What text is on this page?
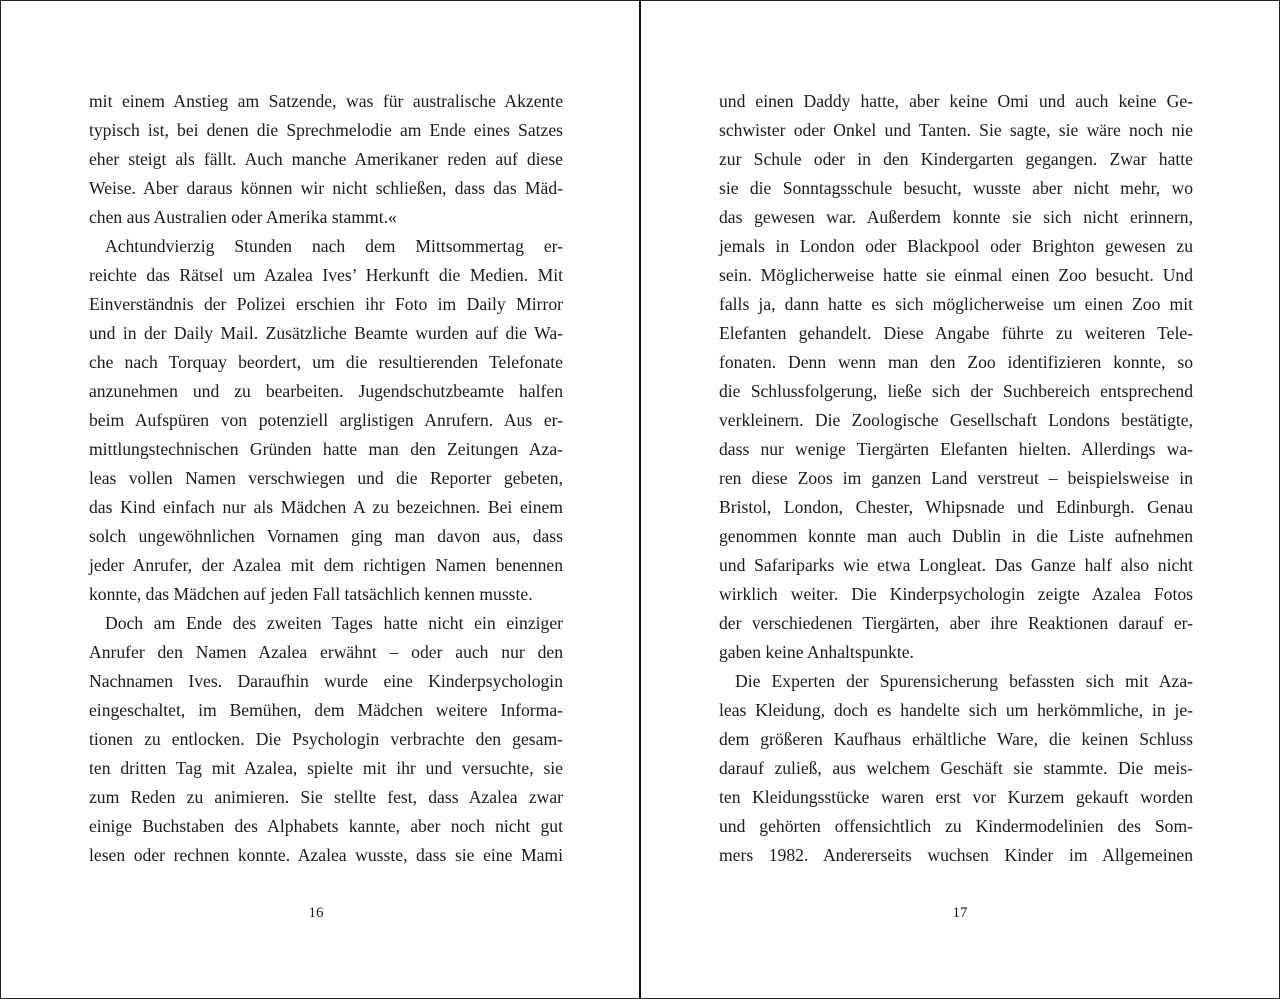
mit einem Anstieg am Satzende, was für australische Akzente
typisch ist, bei denen die Sprechmelodie am Ende eines Satzes
eher steigt als fällt. Auch manche Amerikaner reden auf diese
Weise. Aber daraus können wir nicht schließen, dass das Mäd-
chen aus Australien oder Amerika stammt.«
Achtundvierzig Stunden nach dem Mittsommertag er-
reichte das Rätsel um Azalea Ives’ Herkunft die Medien. Mit
Einverständnis der Polizei erschien ihr Foto im Daily Mirror
und in der Daily Mail. Zusätzliche Beamte wurden auf die Wa-
che nach Torquay beordert, um die resultierenden Telefonate
anzunehmen und zu bearbeiten. Jugendschutzbeamte halfen
beim Aufspüren von potenziell arglistigen Anrufern. Aus er-
mittlungstechnischen Gründen hatte man den Zeitungen Aza-
leas vollen Namen verschwiegen und die Reporter gebeten,
das Kind einfach nur als Mädchen A zu bezeichnen. Bei einem
solch ungewöhnlichen Vornamen ging man davon aus, dass
jeder Anrufer, der Azalea mit dem richtigen Namen benennen
konnte, das Mädchen auf jeden Fall tatsächlich kennen musste.
Doch am Ende des zweiten Tages hatte nicht ein einziger
Anrufer den Namen Azalea erwähnt – oder auch nur den
Nachnamen Ives. Daraufhin wurde eine Kinderpsychologin
eingeschaltet, im Bemühen, dem Mädchen weitere Informa-
tionen zu entlocken. Die Psychologin verbrachte den gesam-
ten dritten Tag mit Azalea, spielte mit ihr und versuchte, sie
zum Reden zu animieren. Sie stellte fest, dass Azalea zwar
einige Buchstaben des Alphabets kannte, aber noch nicht gut
lesen oder rechnen konnte. Azalea wusste, dass sie eine Mami
16
und einen Daddy hatte, aber keine Omi und auch keine Ge-
schwister oder Onkel und Tanten. Sie sagte, sie wäre noch nie
zur Schule oder in den Kindergarten gegangen. Zwar hatte
sie die Sonntagsschule besucht, wusste aber nicht mehr, wo
das gewesen war. Außerdem konnte sie sich nicht erinnern,
jemals in London oder Blackpool oder Brighton gewesen zu
sein. Möglicherweise hatte sie einmal einen Zoo besucht. Und
falls ja, dann hatte es sich möglicherweise um einen Zoo mit
Elefanten gehandelt. Diese Angabe führte zu weiteren Tele-
fonaten. Denn wenn man den Zoo identifizieren konnte, so
die Schlussfolgerung, ließe sich der Suchbereich entsprechend
verkleinern. Die Zoologische Gesellschaft Londons bestätigte,
dass nur wenige Tiergärten Elefanten hielten. Allerdings wa-
ren diese Zoos im ganzen Land verstreut – beispielsweise in
Bristol, London, Chester, Whipsnade und Edinburgh. Genau
genommen konnte man auch Dublin in die Liste aufnehmen
und Safariparks wie etwa Longleat. Das Ganze half also nicht
wirklich weiter. Die Kinderpsychologin zeigte Azalea Fotos
der verschiedenen Tiergärten, aber ihre Reaktionen darauf er-
gaben keine Anhaltspunkte.
Die Experten der Spurensicherung befassten sich mit Aza-
leas Kleidung, doch es handelte sich um herkömmliche, in je-
dem größeren Kaufhaus erhältliche Ware, die keinen Schluss
darauf zuließ, aus welchem Geschäft sie stammte. Die meis-
ten Kleidungsstücke waren erst vor Kurzem gekauft worden
und gehörten offensichtlich zu Kindermodelinien des Som-
mers 1982. Andererseits wuchsen Kinder im Allgemeinen
17
